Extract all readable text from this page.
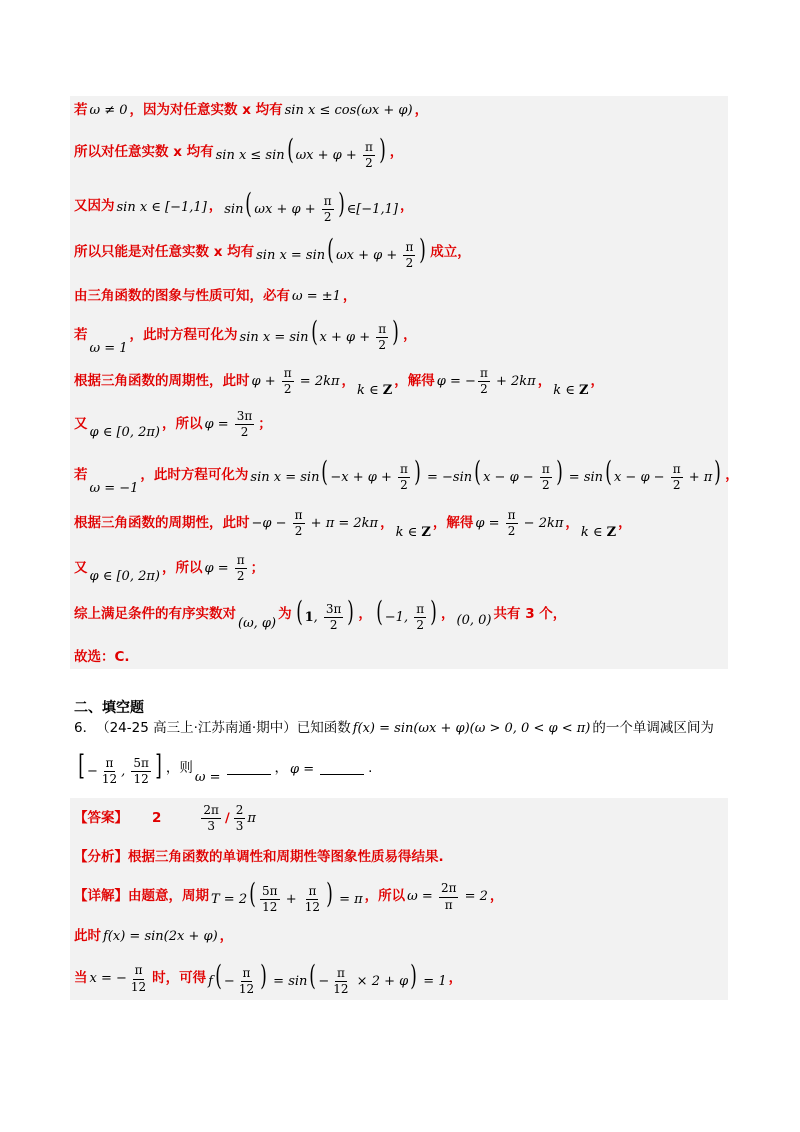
若 ω ≠ 0 ，因为对任意实数 x 均有 sin x ≤ cos(ωx + φ) ，
所以对任意实数 x 均有 sin x ≤ sin( $\omega x + \varphi + \frac{\pi}{2}$ ) ，
又因为 sin x ∈ [−1,1] ， sin( $\omega x + \varphi + \frac{\pi}{2}$ ) ∈[−1,1] ，
所以只能是对任意实数 x 均有 sin x = sin( $\omega x + \varphi + \frac{\pi}{2}$ ) 成立，
由三角函数的图象与性质可知，必有 ω = ±1 ，
若
ω = 1
，此时方程可化为 sin x = sin( $x + \varphi + \frac{\pi}{2}$ ) ，
根据三角函数的周期性，此时 $\varphi + \frac{\pi}{2} = 2k\pi$ ，
k ∈ Z
，解得 φ = − $\frac{\pi}{2} + 2k\pi$ ，
k ∈ Z
，
又
φ ∈ [0, 2π)
，所以 $\varphi = \frac{3\pi}{2}$ ；
若
ω = −1
，此时方程可化为 $\sin x = \sin( -x + \varphi + \frac{\pi}{2}$ ) = −sin( $x - \varphi - \frac{\pi}{2}$ ) = sin( $x - \varphi - \frac{\pi}{2} + \pi$) ，
根据三角函数的周期性，此时 $-\varphi - \frac{\pi}{2} + \pi = 2k\pi$ ，
k ∈ Z
，解得 $\varphi = \frac{\pi}{2} - 2k\pi$ ，
k ∈ Z
，
又
φ ∈ [0, 2π)
，所以 $\varphi = \frac{\pi}{2}$ ；
综上满足条件的有序实数对
(ω, φ)
为 ( 1, $\frac{3\pi}{2}$ ) ， ( −1, $\frac{\pi}{2}$ ) ， (0, 0) 共有 3 个，
故选：C.
二、填空题
6． （24-25 高三上·江苏南通·期中）已知函数 f(x) = sin(ωx + φ)(ω > 0, 0 < φ < π) 的一个单调减区间为
[ − $\frac{\pi}{12}$ , $\frac{5\pi}{12}$ ] ，则
ω =
， φ =	.
【答案】 2	$\frac{2\pi}{3} / \frac{2}{3}$ π
【分析】 根据三角函数的单调性和周期性等图象性质易得结果.
【详解】 由题意，周期 $T = 2( \frac{5\pi}{12} + \frac{\pi}{12}$ ) = π ，所以 $\omega = \frac{2\pi}{\pi} = 2$ ，
此时 f(x) = sin(2x + φ) ，
当 x = − $\frac{\pi}{12}$ 时，可得 $f( - \frac{\pi}{12}$ ) = $\sin( - \frac{\pi}{12} \times 2 + \varphi) = 1$ ，
